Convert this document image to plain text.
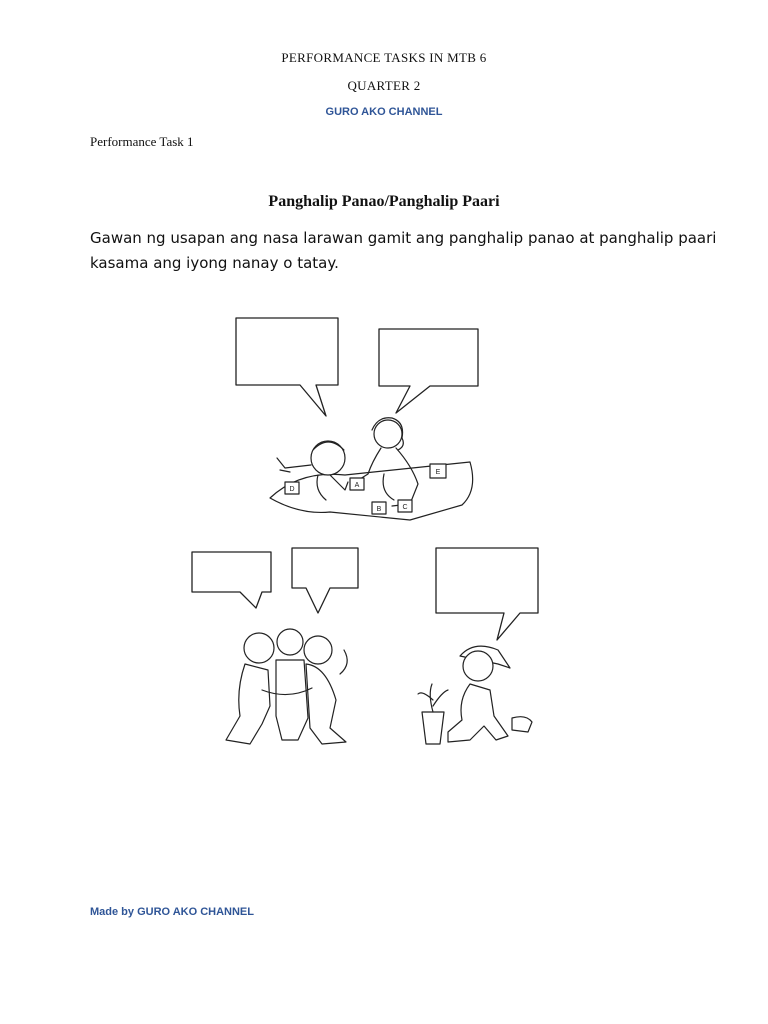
PERFORMANCE TASKS IN MTB 6
QUARTER 2
GURO AKO CHANNEL
Performance Task 1
Panghalip Panao/Panghalip Paari
Gawan ng usapan ang nasa larawan gamit ang panghalip panao at panghalip paari kasama ang iyong nanay o tatay.
D
A
B	C
E
Made by GURO AKO CHANNEL
